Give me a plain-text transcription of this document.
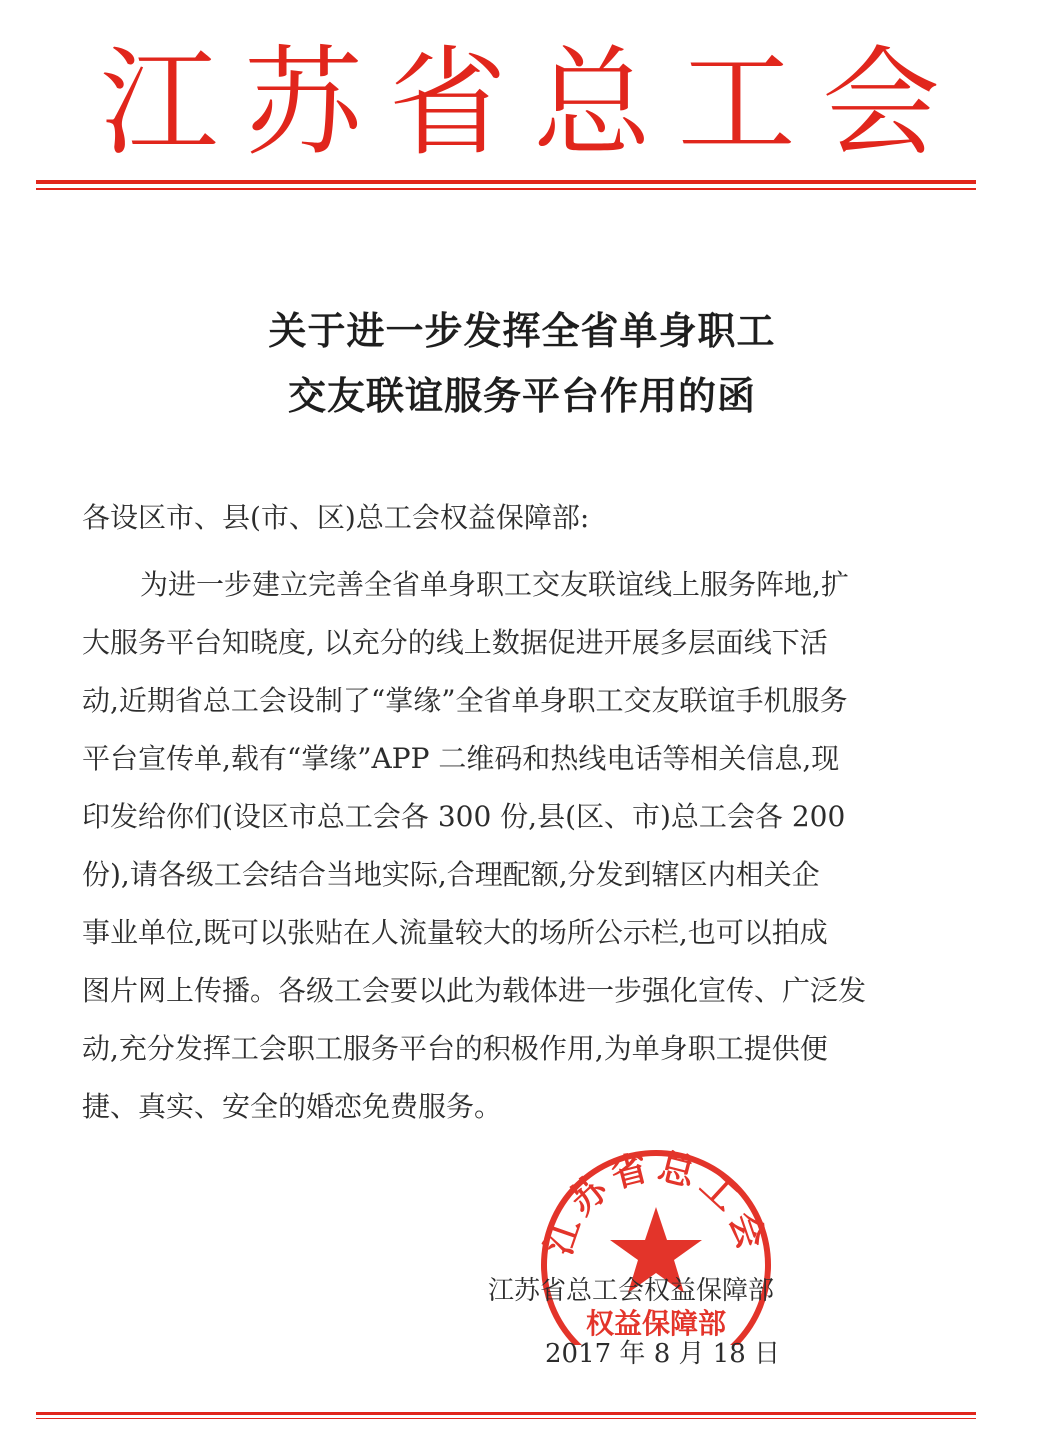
江 苏 省 总 工 会
关于进一步发挥全省单身职工
交友联谊服务平台作用的函
各设区市、县(市、区)总工会权益保障部:
为进一步建立完善全省单身职工交友联谊线上服务阵地,扩
大服务平台知晓度, 以充分的线上数据促进开展多层面线下活
动,近期省总工会设制了“掌缘”全省单身职工交友联谊手机服务
平台宣传单,载有“掌缘”APP 二维码和热线电话等相关信息,现
印发给你们(设区市总工会各 300 份,县(区、市)总工会各 200
份),请各级工会结合当地实际,合理配额,分发到辖区内相关企
事业单位,既可以张贴在人流量较大的场所公示栏,也可以拍成
图片网上传播。各级工会要以此为载体进一步强化宣传、广泛发
动,充分发挥工会职工服务平台的积极作用,为单身职工提供便
捷、真实、安全的婚恋免费服务。
江苏省总工会
权益保障部
江苏省总工会权益保障部
2017 年 8 月 18 日
